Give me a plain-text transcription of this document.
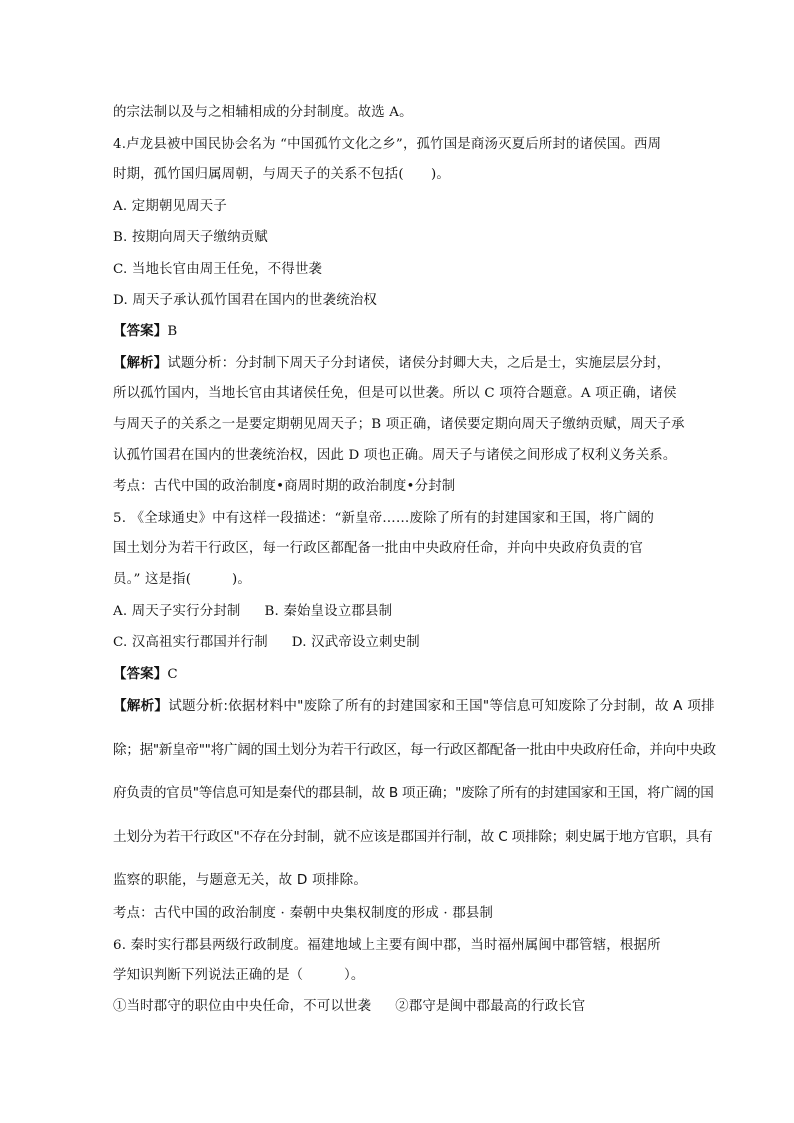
的宗法制以及与之相辅相成的分封制度。故选 A。
4.卢龙县被中国民协会名为 “中国孤竹文化之乡”，孤竹国是商汤灭夏后所封的诸侯国。西周
时期，孤竹国归属周朝，与周天子的关系不包括(　　)。
A. 定期朝见周天子
B. 按期向周天子缴纳贡赋
C. 当地长官由周王任免，不得世袭
D. 周天子承认孤竹国君在国内的世袭统治权
【答案】B
【解析】试题分析：分封制下周天子分封诸侯，诸侯分封卿大夫，之后是士，实施层层分封，
所以孤竹国内，当地长官由其诸侯任免，但是可以世袭。所以 C 项符合题意。A 项正确，诸侯
与周天子的关系之一是要定期朝见周天子；B 项正确，诸侯要定期向周天子缴纳贡赋，周天子承
认孤竹国君在国内的世袭统治权，因此 D 项也正确。周天子与诸侯之间形成了权利义务关系。
考点：古代中国的政治制度•商周时期的政治制度•分封制
5. 《全球通史》中有这样一段描述：“新皇帝……废除了所有的封建国家和王国，将广阔的
国土划分为若干行政区，每一行政区都配备一批由中央政府任命，并向中央政府负责的官
员。” 这是指(　　　)。
A. 周天子实行分封制 B. 秦始皇设立郡县制
C. 汉高祖实行郡国并行制 D. 汉武帝设立刺史制
【答案】C
【解析】试题分析:依据材料中"废除了所有的封建国家和王国"等信息可知废除了分封制，故 A 项排
除；据"新皇帝""将广阔的国土划分为若干行政区，每一行政区都配备一批由中央政府任命，并向中央政
府负责的官员"等信息可知是秦代的郡县制，故 B 项正确；"废除了所有的封建国家和王国，将广阔的国
土划分为若干行政区"不存在分封制，就不应该是郡国并行制，故 C 项排除；刺史属于地方官职，具有
监察的职能，与题意无关，故 D 项排除。
考点：古代中国的政治制度 · 秦朝中央集权制度的形成 · 郡县制
6. 秦时实行郡县两级行政制度。福建地域上主要有闽中郡，当时福州属闽中郡管辖，根据所
学知识判断下列说法正确的是（　　　）。
①当时郡守的职位由中央任命，不可以世袭 ②郡守是闽中郡最高的行政长官
